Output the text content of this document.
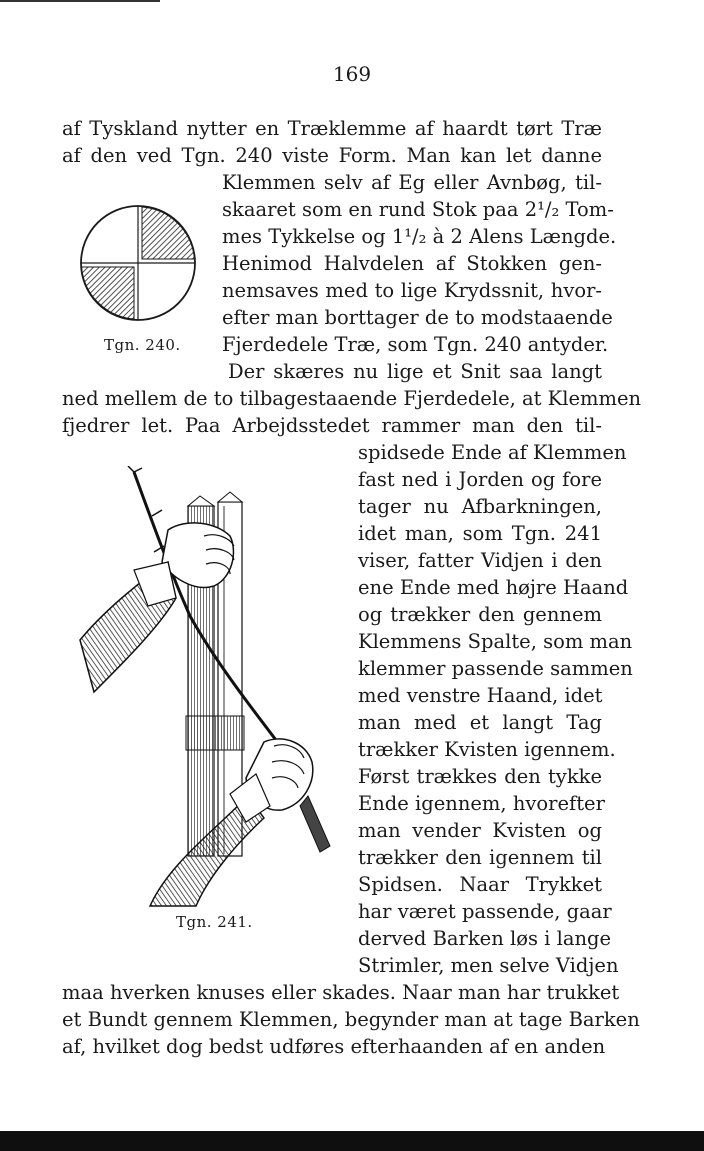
169
af Tyskland nytter en Træklemme af haardt tørt Træ
af den ved Tgn. 240 viste Form. Man kan let danne
Klemmen selv af Eg eller Avnbøg, til-
skaaret som en rund Stok paa 2¹/₂ Tom-
mes Tykkelse og 1¹/₂ à 2 Alens Længde.
Henimod Halvdelen af Stokken gen-
nemsaves med to lige Krydssnit, hvor-
efter man borttager de to modstaaende
Fjerdedele Træ, som Tgn. 240 antyder.
Der skæres nu lige et Snit saa langt
ned mellem de to tilbagestaaende Fjerdedele, at Klemmen
fjedrer let. Paa Arbejdsstedet rammer man den til-
spidsede Ende af Klemmen
fast ned i Jorden og fore
tager nu Afbarkningen,
idet man, som Tgn. 241
viser, fatter Vidjen i den
ene Ende med højre Haand
og trækker den gennem
Klemmens Spalte, som man
klemmer passende sammen
med venstre Haand, idet
man med et langt Tag
trækker Kvisten igennem.
Først trækkes den tykke
Ende igennem, hvorefter
man vender Kvisten og
trækker den igennem til
Spidsen. Naar Trykket
har været passende, gaar
derved Barken løs i lange
Strimler, men selve Vidjen
maa hverken knuses eller skades. Naar man har trukket
et Bundt gennem Klemmen, begynder man at tage Barken
af, hvilket dog bedst udføres efterhaanden af en anden
Tgn. 240.
Tgn. 241.
